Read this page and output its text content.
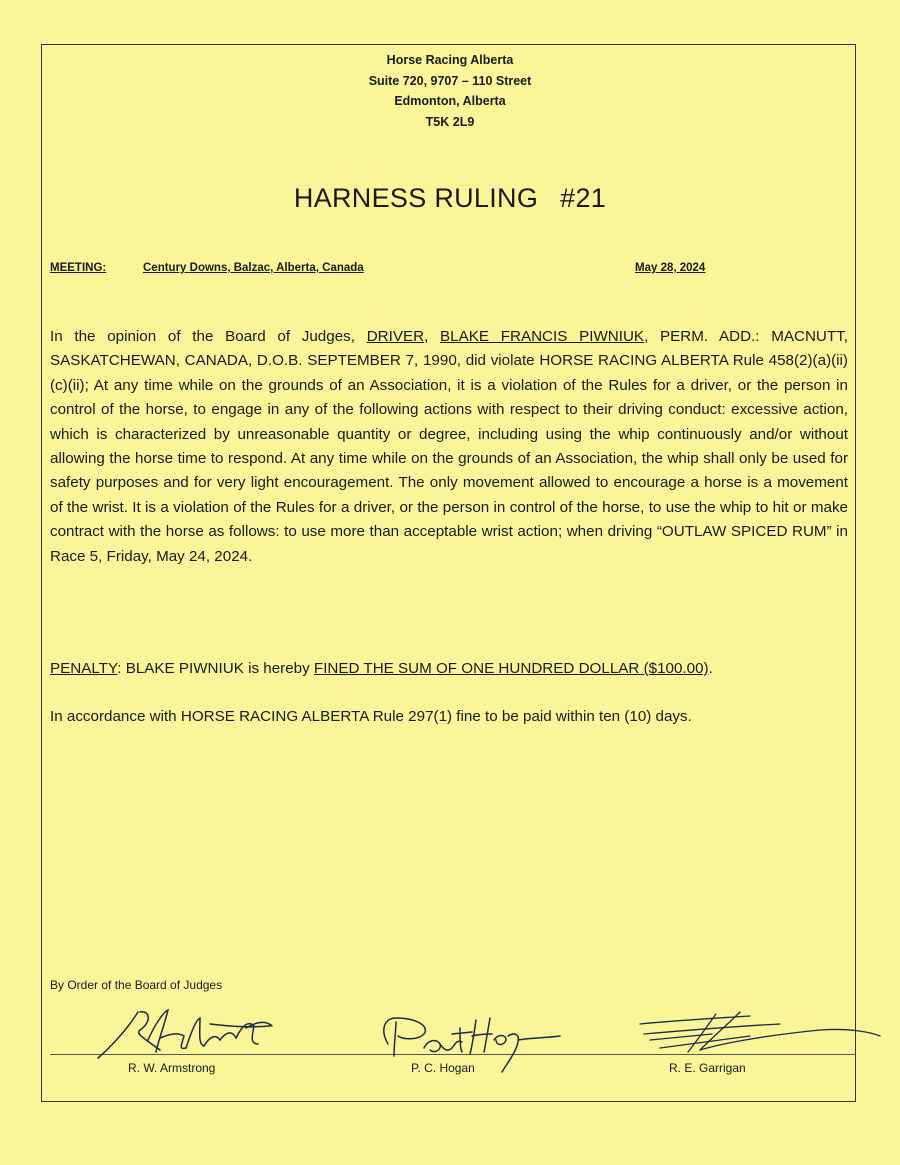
Horse Racing Alberta
Suite 720, 9707 – 110 Street
Edmonton, Alberta
T5K 2L9
HARNESS RULING #21
MEETING:	Century Downs, Balzac, Alberta, Canada	May 28, 2024
In the opinion of the Board of Judges, DRIVER, BLAKE FRANCIS PIWNIUK, PERM. ADD.: MACNUTT, SASKATCHEWAN, CANADA, D.O.B. SEPTEMBER 7, 1990, did violate HORSE RACING ALBERTA Rule 458(2)(a)(ii)(c)(ii); At any time while on the grounds of an Association, it is a violation of the Rules for a driver, or the person in control of the horse, to engage in any of the following actions with respect to their driving conduct: excessive action, which is characterized by unreasonable quantity or degree, including using the whip continuously and/or without allowing the horse time to respond. At any time while on the grounds of an Association, the whip shall only be used for safety purposes and for very light encouragement. The only movement allowed to encourage a horse is a movement of the wrist. It is a violation of the Rules for a driver, or the person in control of the horse, to use the whip to hit or make contract with the horse as follows: to use more than acceptable wrist action; when driving “OUTLAW SPICED RUM” in Race 5, Friday, May 24, 2024.
PENALTY: BLAKE PIWNIUK is hereby FINED THE SUM OF ONE HUNDRED DOLLAR ($100.00).
In accordance with HORSE RACING ALBERTA Rule 297(1) fine to be paid within ten (10) days.
By Order of the Board of Judges
R. W. Armstrong	P. C. Hogan	R. E. Garrigan
